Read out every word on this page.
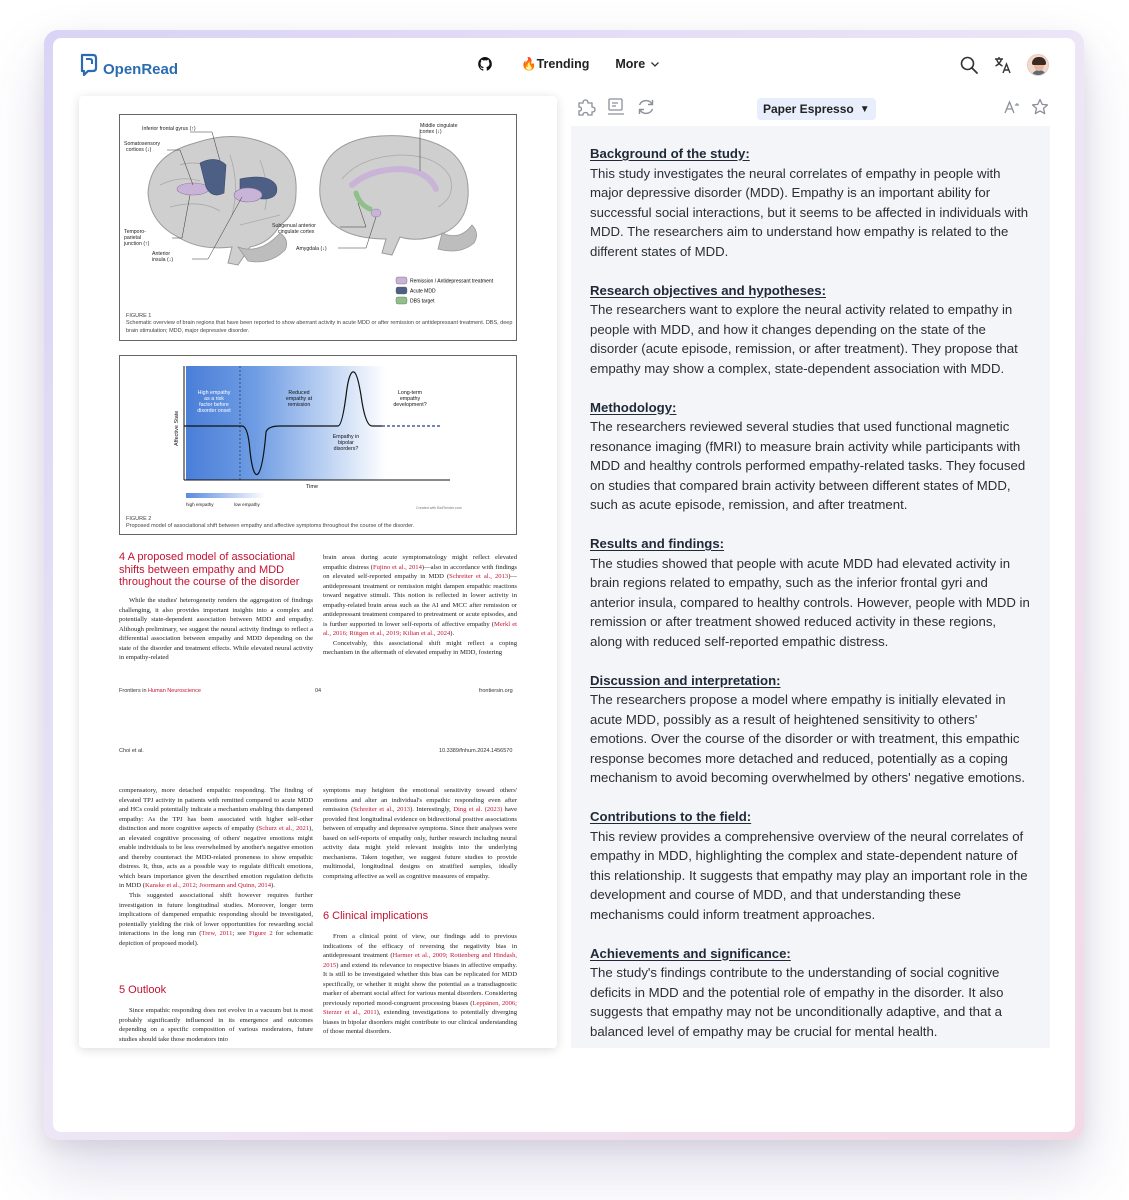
OpenRead	🔥Trending More
Inferior frontal gyrus (↑)
Somatosensory
cortices (↓)
Temporo-
parietal
junction (↑)
Anterior
insula (↓)
Middle cingulate
cortex (↓)
Subgenual anterior
cingulate cortex
Amygdala (↓)
Remission / Antidepressant treatment
Acute MDD
DBS target
FIGURE 1
Schematic overview of brain regions that have been reported to show aberrant activity in acute MDD or after remission or antidepressant treatment. DBS, deep brain stimulation; MDD, major depressive disorder.
High empathy
as a risk
factor before
disorder onset
Reduced
empathy at
remission
Empathy in
bipolar
disorders?
Long-term
empathy
development?
Affective State
Time
high empathy	low empathy
Created with BioRender.com
FIGURE 2
Proposed model of associational shift between empathy and affective symptoms throughout the course of the disorder.
4 A proposed model of associational shifts between empathy and MDD throughout the course of the disorder

While the studies' heterogeneity renders the aggregation of findings challenging, it also provides important insights into a complex and potentially state-dependent association between MDD and empathy. Although preliminary, we suggest the neural activity findings to reflect a differential association between empathy and MDD depending on the state of the disorder and treatment effects. While elevated neural activity in empathy-related

brain areas during acute symptomatology might reflect elevated empathic distress (Fujino et al., 2014)—also in accordance with findings on elevated self-reported empathy in MDD (Schreiter et al., 2013)—antidepressant treatment or remission might dampen empathic reactions toward negative stimuli. This notion is reflected in lower activity in empathy-related brain areas such as the AI and MCC after remission or antidepressant treatment compared to pretreatment or acute episodes, and is further supported in lower self-reports of affective empathy (Merkl et al., 2016; Rütgen et al., 2019; Kilian et al., 2024).

Conceivably, this associational shift might reflect a coping mechanism in the aftermath of elevated empathy in MDD, fostering

Frontiers in Human Neuroscience	04	frontiersin.org
Choi et al.	10.3389/fnhum.2024.1456570

compensatory, more detached empathic responding. The finding of elevated TPJ activity in patients with remitted compared to acute MDD and HCs could potentially indicate a mechanism enabling this dampened empathy: As the TPJ has been associated with higher self-other distinction and more cognitive aspects of empathy (Schurz et al., 2021), an elevated cognitive processing of others' negative emotions might enable individuals to be less overwhelmed by another's negative emotion and thereby counteract the MDD-related proneness to show empathic distress. It, thus, acts as a possible way to regulate difficult emotions, which bears importance given the described emotion regulation deficits in MDD (Kanske et al., 2012; Joormann and Quinn, 2014).

This suggested associational shift however requires further investigation in future longitudinal studies. Moreover, longer term implications of dampened empathic responding should be investigated, potentially yielding the risk of lower opportunities for rewarding social interactions in the long run (Trew, 2011; see Figure 2 for schematic depiction of proposed model).

5 Outlook

Since empathic responding does not evolve in a vacuum but is most probably significantly influenced in its emergence and outcomes depending on a specific composition of various moderators, future studies should take those moderators into

symptoms may heighten the emotional sensitivity toward others' emotions and alter an individual's empathic responding even after remission (Schreiter et al., 2013). Interestingly, Ding et al. (2023) have provided first longitudinal evidence on bidirectional positive associations between of empathy and depressive symptoms. Since their analyses were based on self-reports of empathy only, further research including neural activity data might yield relevant insights into the underlying mechanisms. Taken together, we suggest future studies to provide multimodal, longitudinal designs on stratified samples, ideally comprising affective as well as cognitive measures of empathy.

6 Clinical implications

From a clinical point of view, our findings add to previous indications of the efficacy of reversing the negativity bias in antidepressant treatment (Harmer et al., 2009; Rottenberg and Hindash, 2015) and extend its relevance to respective biases in affective empathy. It is still to be investigated whether this bias can be replicated for MDD specifically, or whether it might show the potential as a transdiagnostic marker of aberrant social affect for various mental disorders. Considering previously reported mood-congruent processing biases (Leppänen, 2006; Sterzer et al., 2011), extending investigations to potentially diverging biases in bipolar disorders might contribute to our clinical understanding of those mental disorders.

Paper Espresso ▼
Background of the study:

This study investigates the neural correlates of empathy in people with major depressive disorder (MDD). Empathy is an important ability for successful social interactions, but it seems to be affected in individuals with MDD. The researchers aim to understand how empathy is related to the different states of MDD.

Research objectives and hypotheses:

The researchers want to explore the neural activity related to empathy in people with MDD, and how it changes depending on the state of the disorder (acute episode, remission, or after treatment). They propose that empathy may show a complex, state-dependent association with MDD.

Methodology:

The researchers reviewed several studies that used functional magnetic resonance imaging (fMRI) to measure brain activity while participants with MDD and healthy controls performed empathy-related tasks. They focused on studies that compared brain activity between different states of MDD, such as acute episode, remission, and after treatment.

Results and findings:

The studies showed that people with acute MDD had elevated activity in brain regions related to empathy, such as the inferior frontal gyri and anterior insula, compared to healthy controls. However, people with MDD in remission or after treatment showed reduced activity in these regions, along with reduced self-reported empathic distress.

Discussion and interpretation:

The researchers propose a model where empathy is initially elevated in acute MDD, possibly as a result of heightened sensitivity to others' emotions. Over the course of the disorder or with treatment, this empathic response becomes more detached and reduced, potentially as a coping mechanism to avoid becoming overwhelmed by others' negative emotions.

Contributions to the field:

This review provides a comprehensive overview of the neural correlates of empathy in MDD, highlighting the complex and state-dependent nature of this relationship. It suggests that empathy may play an important role in the development and course of MDD, and that understanding these mechanisms could inform treatment approaches.

Achievements and significance:

The study's findings contribute to the understanding of social cognitive deficits in MDD and the potential role of empathy in the disorder. It also suggests that empathy may not be unconditionally adaptive, and that a balanced level of empathy may be crucial for mental health.
